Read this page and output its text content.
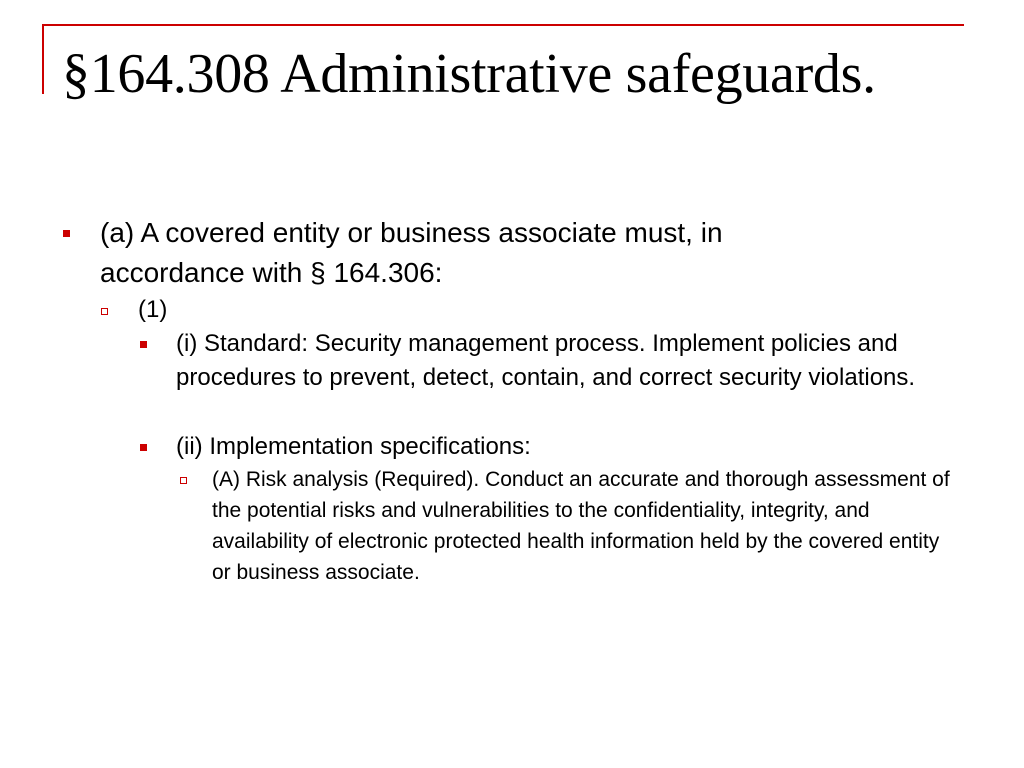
§164.308 Administrative safeguards.
(a) A covered entity or business associate must, in accordance with § 164.306:
(1)
(i) Standard: Security management process. Implement policies and procedures to prevent, detect, contain, and correct security violations.
(ii) Implementation specifications:
(A) Risk analysis (Required). Conduct an accurate and thorough assessment of the potential risks and vulnerabilities to the confidentiality, integrity, and availability of electronic protected health information held by the covered entity or business associate.
